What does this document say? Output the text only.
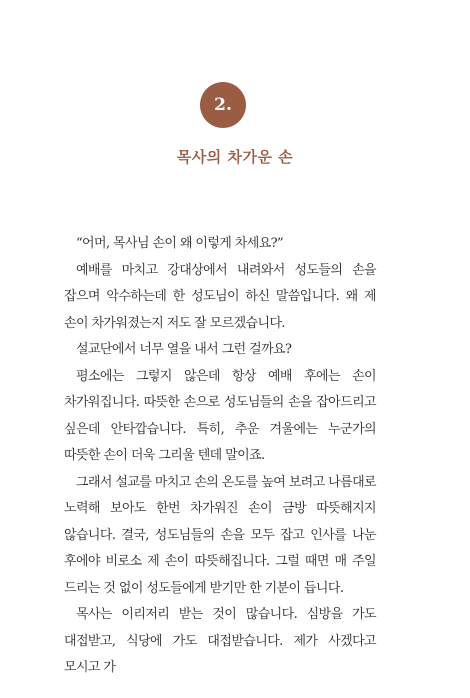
2.
목사의 차가운 손

“어머, 목사님 손이 왜 이렇게 차세요?”

예배를 마치고 강대상에서 내려와서 성도들의 손을 잡으며 악수하는데 한 성도님이 하신 말씀입니다. 왜 제 손이 차가워졌는지 저도 잘 모르겠습니다.

설교단에서 너무 열을 내서 그런 걸까요?

평소에는 그렇지 않은데 항상 예배 후에는 손이 차가워집니다. 따뜻한 손으로 성도님들의 손을 잡아드리고 싶은데 안타깝습니다. 특히, 추운 겨울에는 누군가의 따뜻한 손이 더욱 그리울 텐데 말이죠.

그래서 설교를 마치고 손의 온도를 높여 보려고 나름대로 노력해 보아도 한번 차가워진 손이 금방 따뜻해지지 않습니다. 결국, 성도님들의 손을 모두 잡고 인사를 나눈 후에야 비로소 제 손이 따뜻해집니다. 그럴 때면 매 주일 드리는 것 없이 성도들에게 받기만 한 기분이 듭니다.

목사는 이리저리 받는 것이 많습니다. 심방을 가도 대접받고, 식당에 가도 대접받습니다. 제가 사겠다고 모시고 가
